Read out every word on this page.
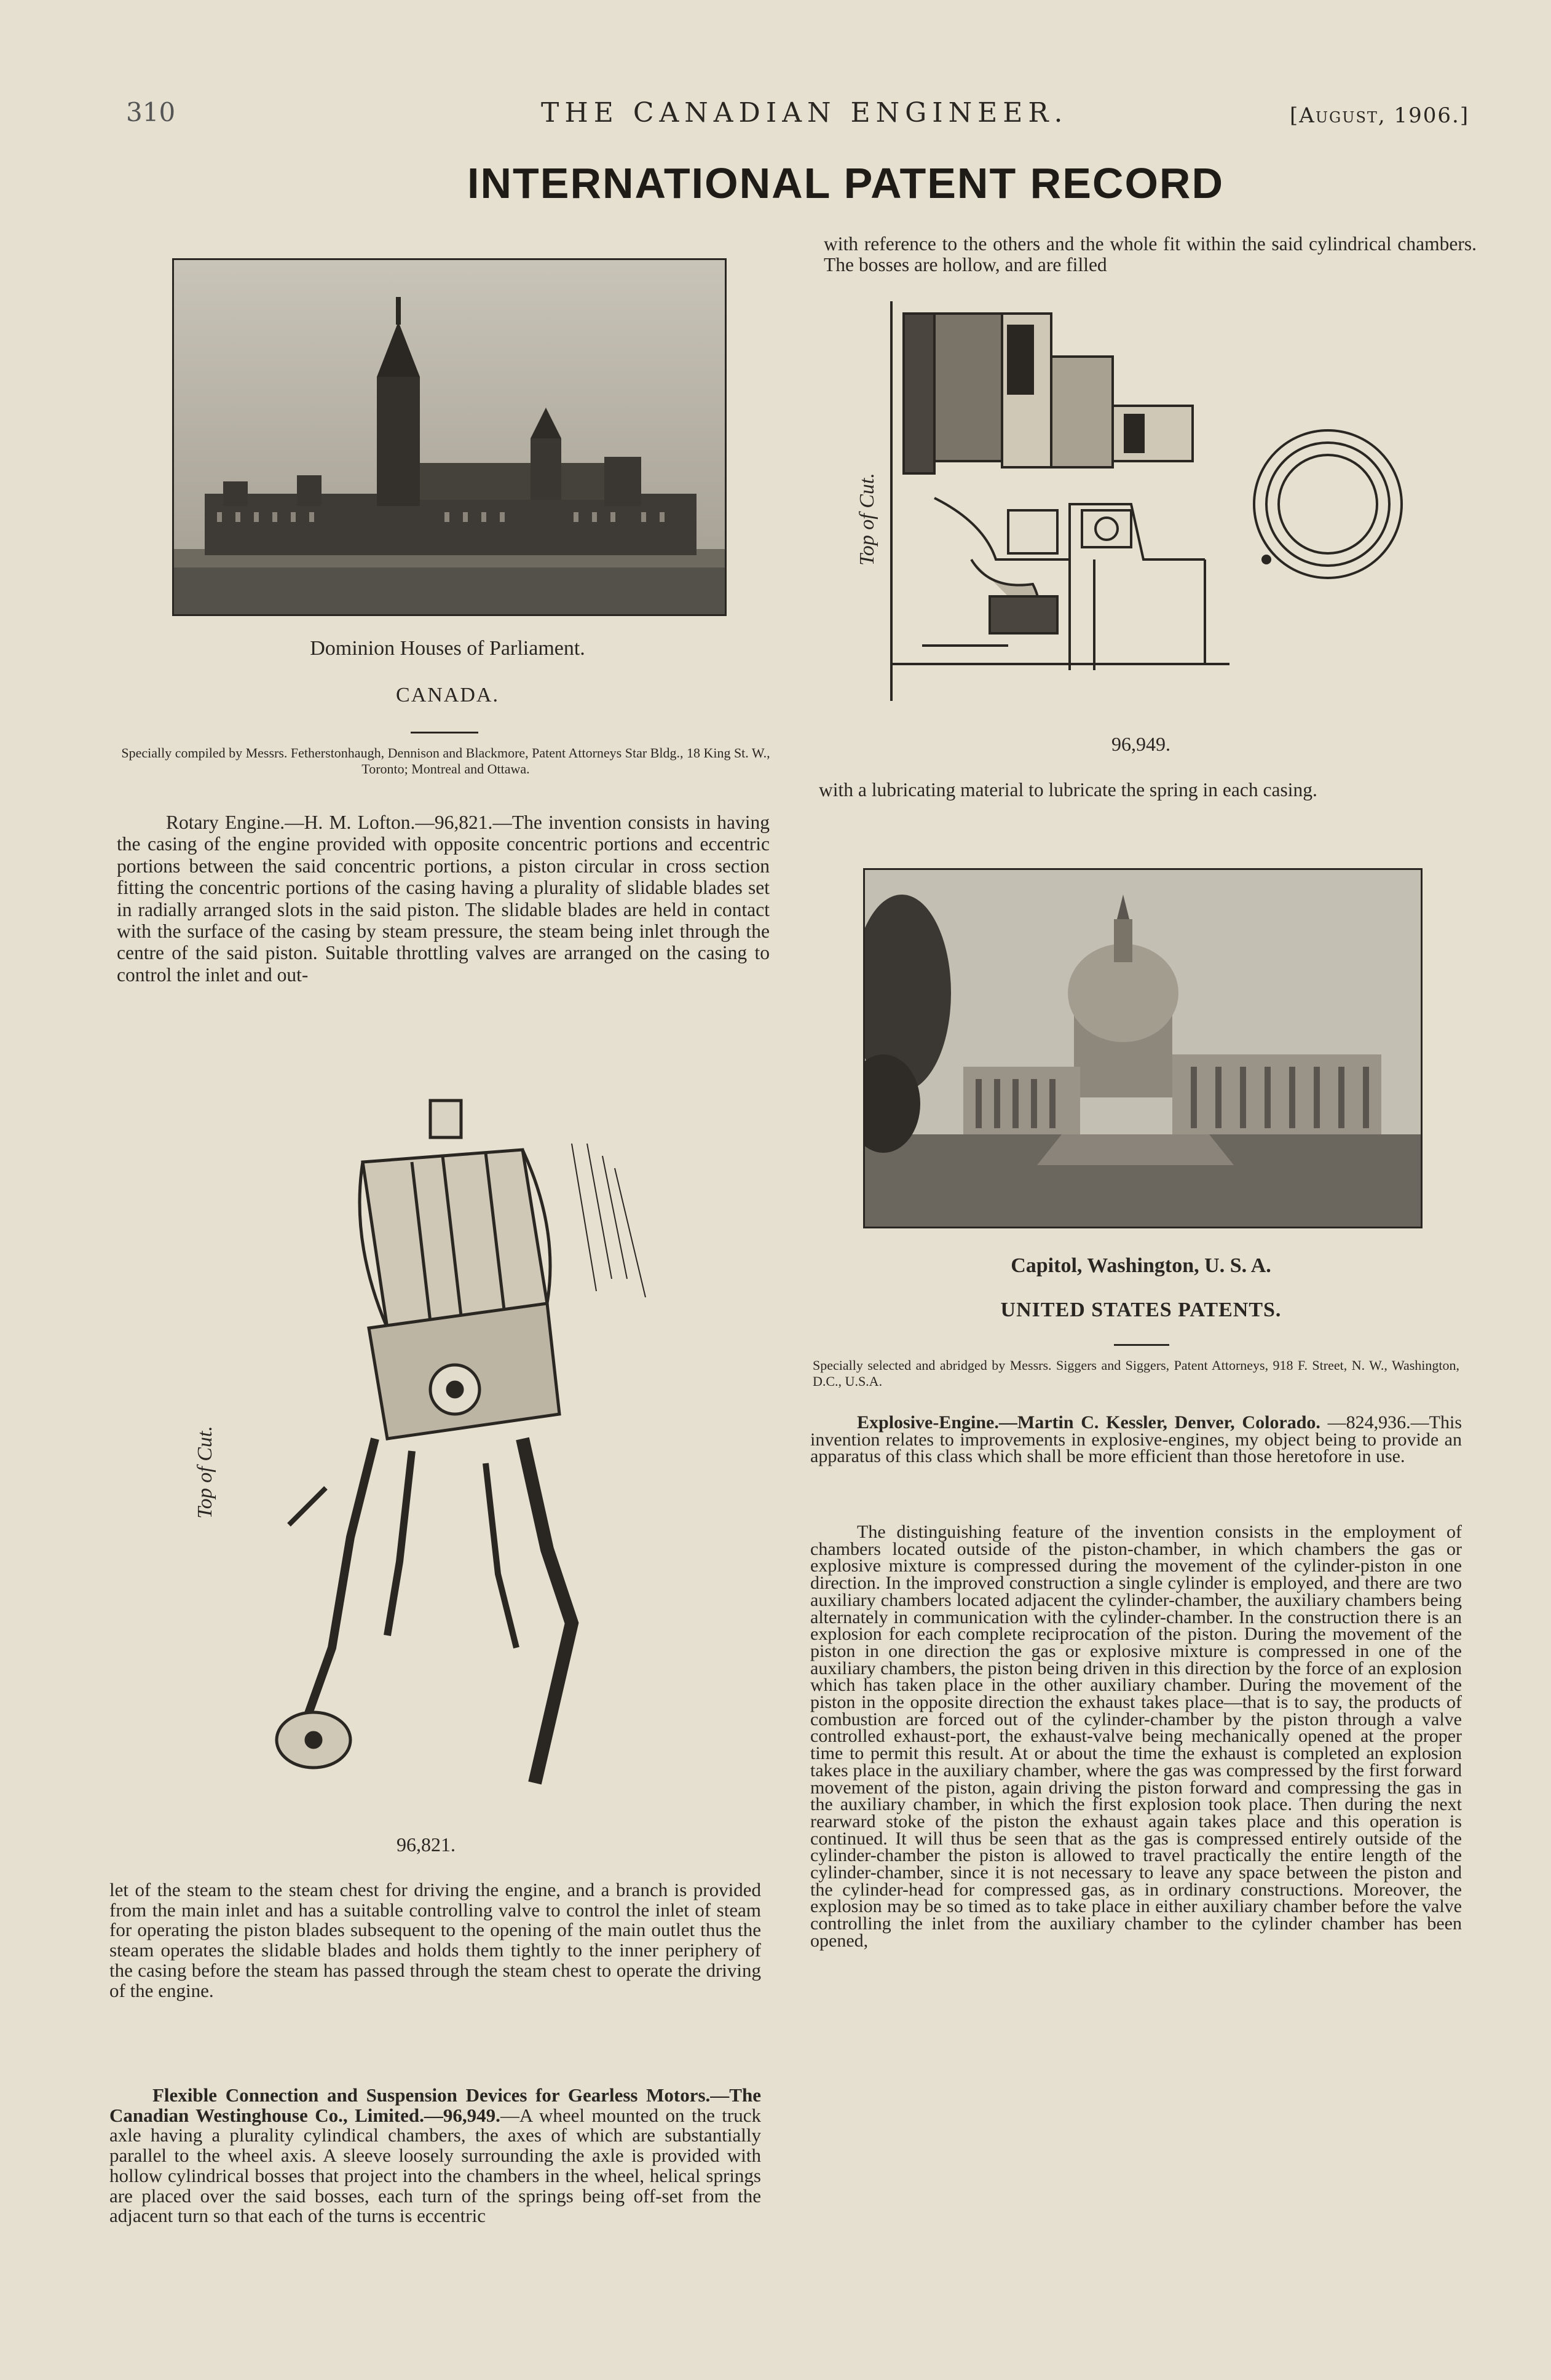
310	THE CANADIAN ENGINEER.	[August, 1906.]
INTERNATIONAL PATENT RECORD
Dominion Houses of Parliament.
CANADA.
Specially compiled by Messrs. Fetherstonhaugh, Dennison and Blackmore, Patent Attorneys Star Bldg., 18 King St. W., Toronto; Montreal and Ottawa.
Rotary Engine.—H. M. Lofton.—96,821.—The invention consists in having the casing of the engine provided with opposite concentric portions and eccentric portions between the said concentric portions, a piston circular in cross section fitting the concentric portions of the casing having a plurality of slidable blades set in radially arranged slots in the said piston. The slidable blades are held in contact with the surface of the casing by steam pressure, the steam being inlet through the centre of the said piston. Suitable throttling valves are arranged on the casing to control the inlet and out-
Top of Cut.
96,821.
let of the steam to the steam chest for driving the engine, and a branch is provided from the main inlet and has a suitable controlling valve to control the inlet of steam for operating the piston blades subsequent to the opening of the main outlet thus the steam operates the slidable blades and holds them tightly to the inner periphery of the casing before the steam has passed through the steam chest to operate the driving of the engine.
Flexible Connection and Suspension Devices for Gearless Motors.—The Canadian Westinghouse Co., Limited.—96,949.—A wheel mounted on the truck axle having a plurality cylindical chambers, the axes of which are substantially parallel to the wheel axis. A sleeve loosely surrounding the axle is provided with hollow cylindrical bosses that project into the chambers in the wheel, helical springs are placed over the said bosses, each turn of the springs being off-set from the adjacent turn so that each of the turns is eccentric
with reference to the others and the whole fit within the said cylindrical chambers. The bosses are hollow, and are filled
Top of Cut.
96,949.
with a lubricating material to lubricate the spring in each casing.
Capitol, Washington, U. S. A.
UNITED STATES PATENTS.
Specially selected and abridged by Messrs. Siggers and Siggers, Patent Attorneys, 918 F. Street, N. W., Washington, D.C., U.S.A.
Explosive-Engine.—Martin C. Kessler, Denver, Colorado. —824,936.—This invention relates to improvements in explosive-engines, my object being to provide an apparatus of this class which shall be more efficient than those heretofore in use.
The distinguishing feature of the invention consists in the employment of chambers located outside of the piston-chamber, in which chambers the gas or explosive mixture is compressed during the movement of the cylinder-piston in one direction. In the improved construction a single cylinder is employed, and there are two auxiliary chambers located adjacent the cylinder-chamber, the auxiliary chambers being alternately in communication with the cylinder-chamber. In the construction there is an explosion for each complete reciprocation of the piston. During the movement of the piston in one direction the gas or explosive mixture is compressed in one of the auxiliary chambers, the piston being driven in this direction by the force of an explosion which has taken place in the other auxiliary chamber. During the movement of the piston in the opposite direction the exhaust takes place—that is to say, the products of combustion are forced out of the cylinder-chamber by the piston through a valve controlled exhaust-port, the exhaust-valve being mechanically opened at the proper time to permit this result. At or about the time the exhaust is completed an explosion takes place in the auxiliary chamber, where the gas was compressed by the first forward movement of the piston, again driving the piston forward and compressing the gas in the auxiliary chamber, in which the first explosion took place. Then during the next rearward stoke of the piston the exhaust again takes place and this operation is continued. It will thus be seen that as the gas is compressed entirely outside of the cylinder-chamber the piston is allowed to travel practically the entire length of the cylinder-chamber, since it is not necessary to leave any space between the piston and the cylinder-head for compressed gas, as in ordinary constructions. Moreover, the explosion may be so timed as to take place in either auxiliary chamber before the valve controlling the inlet from the auxiliary chamber to the cylinder chamber has been opened,
